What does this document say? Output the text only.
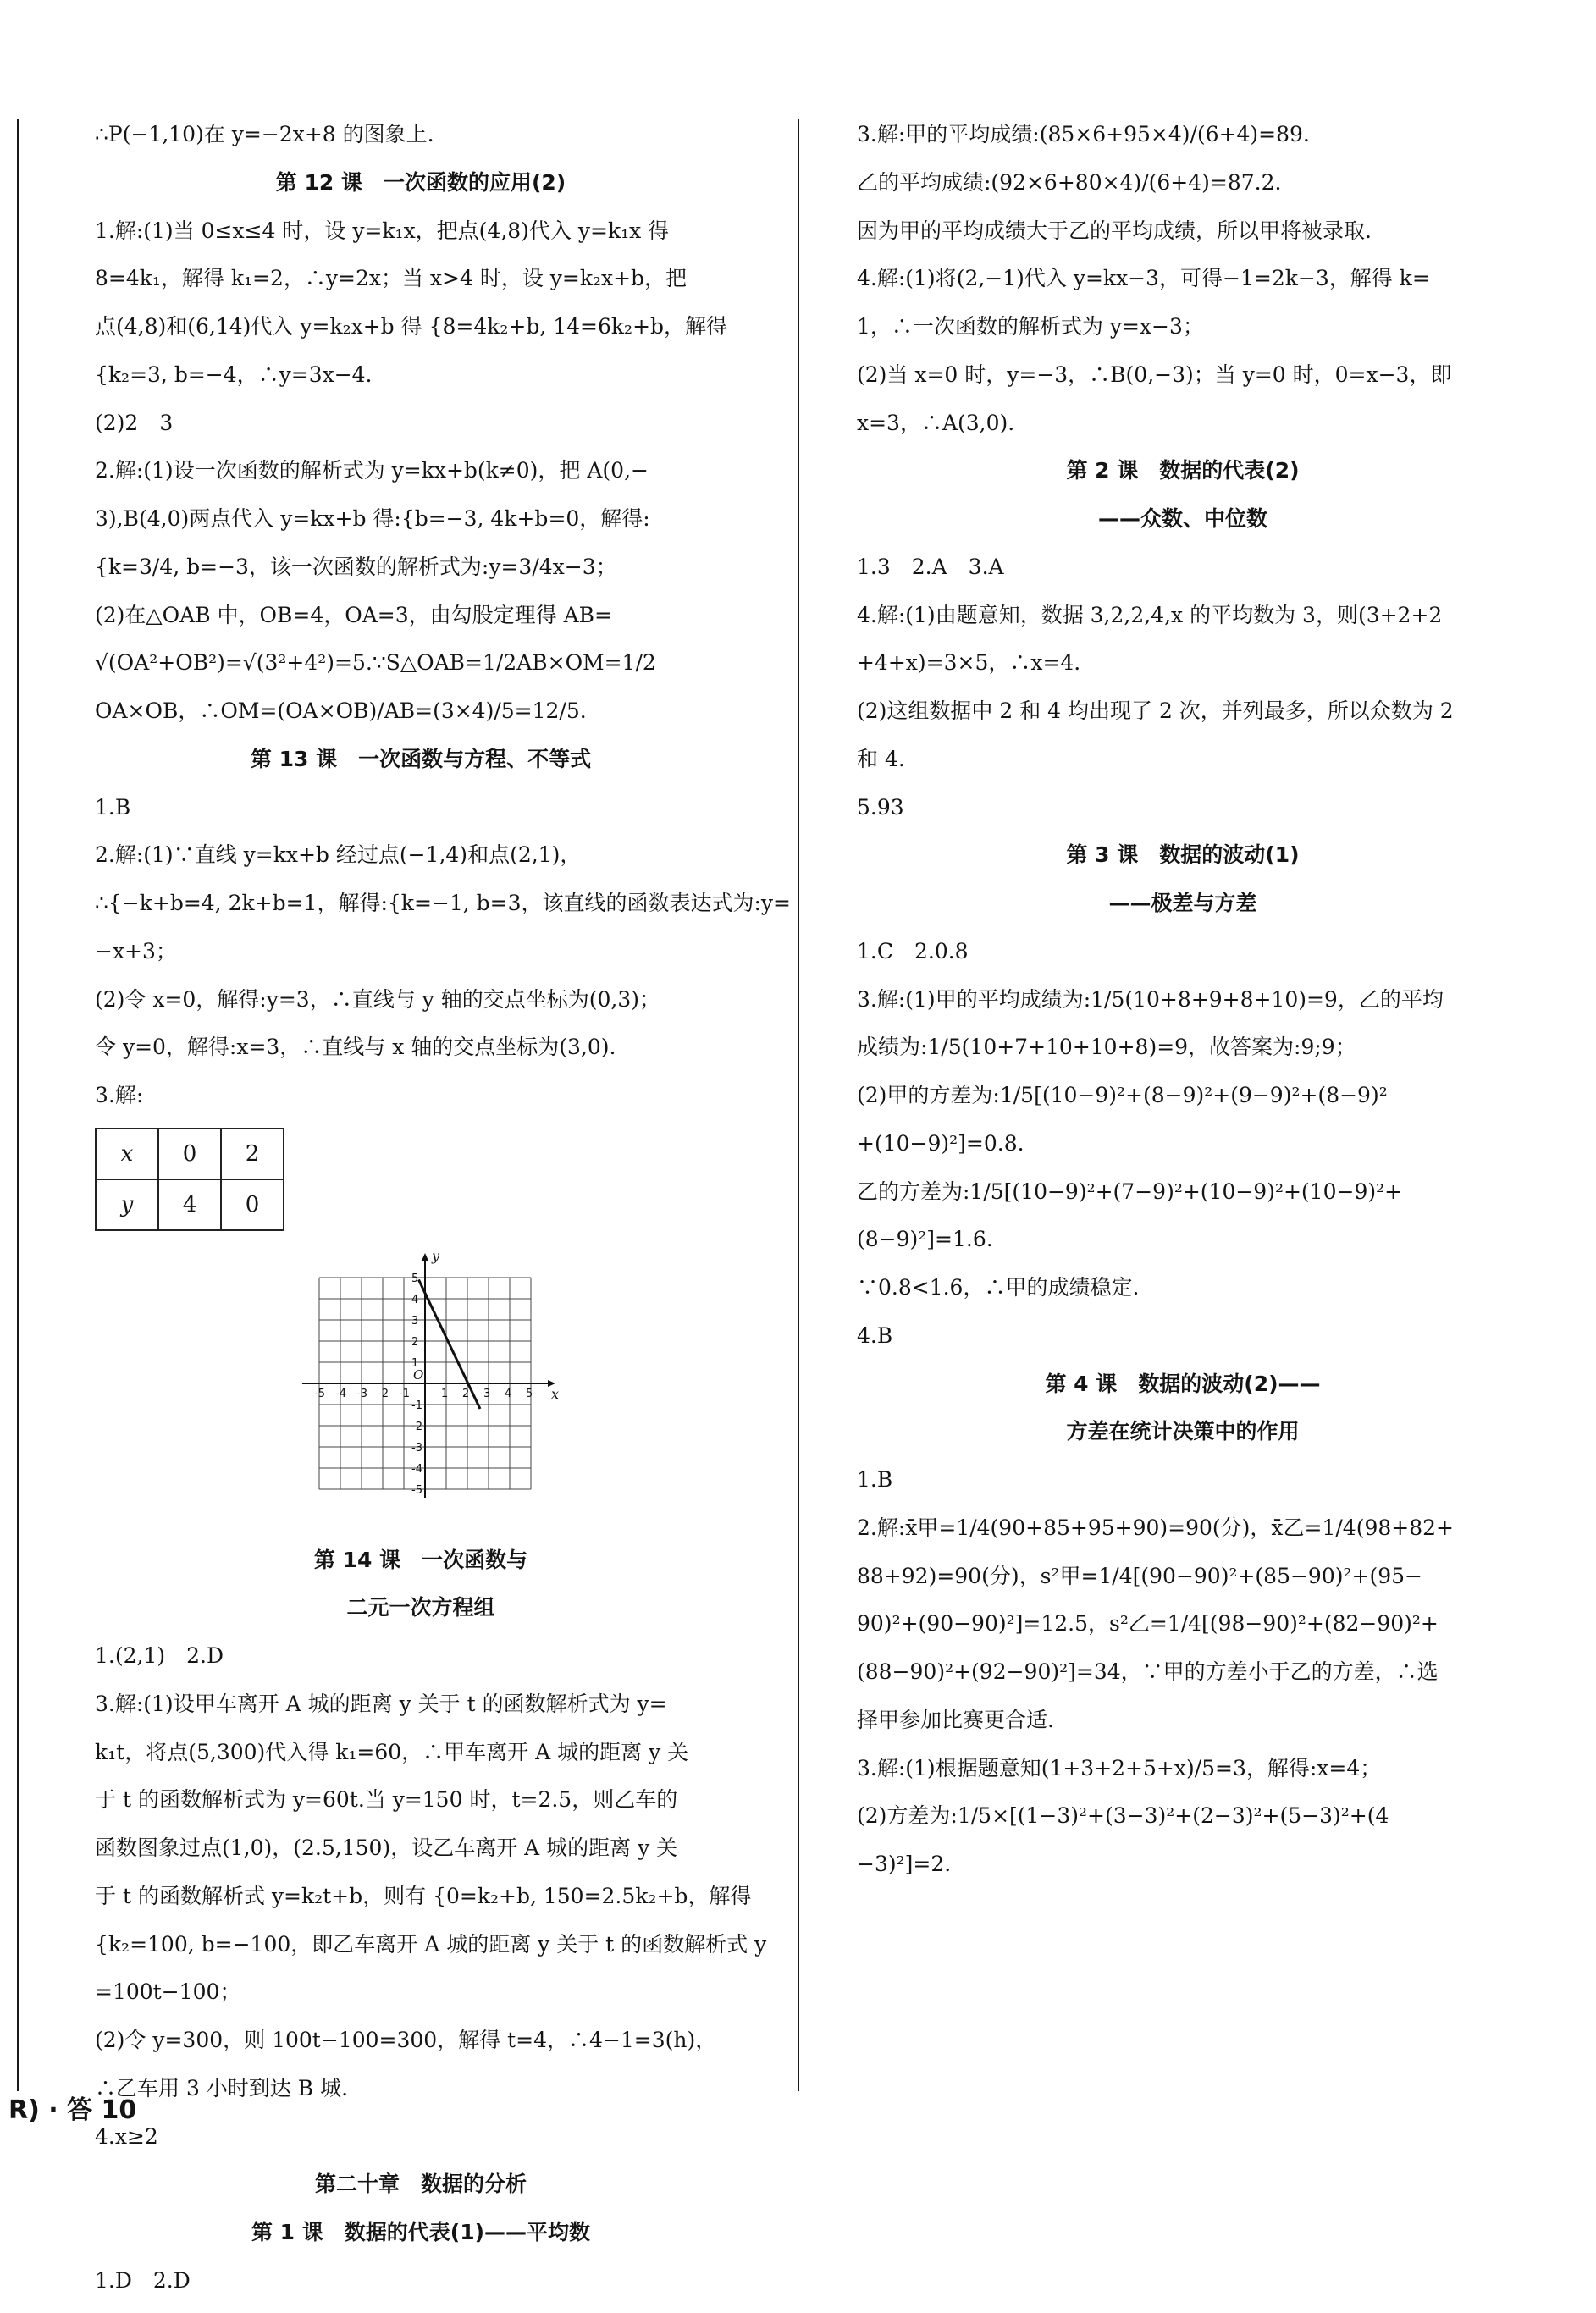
∴P(−1,10)在 y=−2x+8 的图象上.
第 12 课　一次函数的应用(2)
1.解:(1)当 0≤x≤4 时，设 y=k₁x，把点(4,8)代入 y=k₁x 得
8=4k₁，解得 k₁=2，∴y=2x；当 x>4 时，设 y=k₂x+b，把
点(4,8)和(6,14)代入 y=k₂x+b 得 {8=4k₂+b, 14=6k₂+b，解得
{k₂=3, b=−4，∴y=3x−4.
(2)2　3
2.解:(1)设一次函数的解析式为 y=kx+b(k≠0)，把 A(0,−
3),B(4,0)两点代入 y=kx+b 得:{b=−3, 4k+b=0，解得:
{k=3/4, b=−3，该一次函数的解析式为:y=3/4x−3；
(2)在△OAB 中，OB=4，OA=3，由勾股定理得 AB=
√(OA²+OB²)=√(3²+4²)=5.∵S△OAB=1/2AB×OM=1/2
OA×OB，∴OM=(OA×OB)/AB=(3×4)/5=12/5.
第 13 课　一次函数与方程、不等式
1.B
2.解:(1)∵直线 y=kx+b 经过点(−1,4)和点(2,1)，
∴{−k+b=4, 2k+b=1，解得:{k=−1, b=3，该直线的函数表达式为:y=
−x+3；
(2)令 x=0，解得:y=3，∴直线与 y 轴的交点坐标为(0,3)；
令 y=0，解得:x=3，∴直线与 x 轴的交点坐标为(3,0).
3.解:
x	0	2
y	4	0
-5 -4 -3 -2 -1	1 2 3 4 5
5
4
3
2
1
-1
-2
-3
-4
-5
O
x
y
第 14 课　一次函数与
二元一次方程组
1.(2,1)　2.D
3.解:(1)设甲车离开 A 城的距离 y 关于 t 的函数解析式为 y=
k₁t，将点(5,300)代入得 k₁=60，∴甲车离开 A 城的距离 y 关
于 t 的函数解析式为 y=60t.当 y=150 时，t=2.5，则乙车的
函数图象过点(1,0)，(2.5,150)，设乙车离开 A 城的距离 y 关
于 t 的函数解析式 y=k₂t+b，则有 {0=k₂+b, 150=2.5k₂+b，解得
{k₂=100, b=−100，即乙车离开 A 城的距离 y 关于 t 的函数解析式 y
=100t−100；
(2)令 y=300，则 100t−100=300，解得 t=4，∴4−1=3(h)，
∴乙车用 3 小时到达 B 城.
4.x≥2
第二十章　数据的分析
第 1 课　数据的代表(1)——平均数
1.D　2.D
3.解:甲的平均成绩:(85×6+95×4)/(6+4)=89.
乙的平均成绩:(92×6+80×4)/(6+4)=87.2.
因为甲的平均成绩大于乙的平均成绩，所以甲将被录取.
4.解:(1)将(2,−1)代入 y=kx−3，可得−1=2k−3，解得 k=
1，∴一次函数的解析式为 y=x−3；
(2)当 x=0 时，y=−3，∴B(0,−3)；当 y=0 时，0=x−3，即
x=3，∴A(3,0).
第 2 课　数据的代表(2)
——众数、中位数
1.3　2.A　3.A
4.解:(1)由题意知，数据 3,2,2,4,x 的平均数为 3，则(3+2+2
+4+x)=3×5，∴x=4.
(2)这组数据中 2 和 4 均出现了 2 次，并列最多，所以众数为 2
和 4.
5.93
第 3 课　数据的波动(1)
——极差与方差
1.C　2.0.8
3.解:(1)甲的平均成绩为:1/5(10+8+9+8+10)=9，乙的平均
成绩为:1/5(10+7+10+10+8)=9，故答案为:9;9；
(2)甲的方差为:1/5[(10−9)²+(8−9)²+(9−9)²+(8−9)²
+(10−9)²]=0.8.
乙的方差为:1/5[(10−9)²+(7−9)²+(10−9)²+(10−9)²+
(8−9)²]=1.6.
∵0.8<1.6，∴甲的成绩稳定.
4.B
第 4 课　数据的波动(2)——
方差在统计决策中的作用
1.B
2.解:x̄甲=1/4(90+85+95+90)=90(分)，x̄乙=1/4(98+82+
88+92)=90(分)，s²甲=1/4[(90−90)²+(85−90)²+(95−
90)²+(90−90)²]=12.5，s²乙=1/4[(98−90)²+(82−90)²+
(88−90)²+(92−90)²]=34，∵甲的方差小于乙的方差，∴选
择甲参加比赛更合适.
3.解:(1)根据题意知(1+3+2+5+x)/5=3，解得:x=4；
(2)方差为:1/5×[(1−3)²+(3−3)²+(2−3)²+(5−3)²+(4
−3)²]=2.
R) · 答 10
